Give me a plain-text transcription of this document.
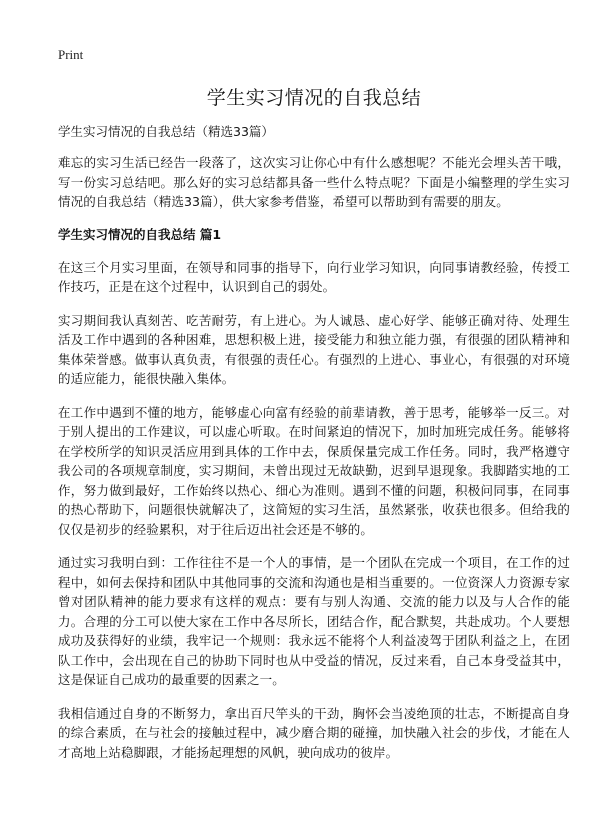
Print
学生实习情况的自我总结
学生实习情况的自我总结（精选33篇）

难忘的实习生活已经告一段落了，这次实习让你心中有什么感想呢？不能光会埋头苦干哦，写一份实习总结吧。那么好的实习总结都具备一些什么特点呢？下面是小编整理的学生实习情况的自我总结（精选33篇），供大家参考借鉴，希望可以帮助到有需要的朋友。

学生实习情况的自我总结 篇1

在这三个月实习里面，在领导和同事的指导下，向行业学习知识，向同事请教经验，传授工作技巧，正是在这个过程中，认识到自己的弱处。

实习期间我认真刻苦、吃苦耐劳，有上进心。为人诚恳、虚心好学、能够正确对待、处理生活及工作中遇到的各种困难，思想积极上进，接受能力和独立能力强，有很强的团队精神和集体荣誉感。做事认真负责，有很强的责任心。有强烈的上进心、事业心，有很强的对环境的适应能力，能很快融入集体。

在工作中遇到不懂的地方，能够虚心向富有经验的前辈请教，善于思考，能够举一反三。对于别人提出的工作建议，可以虚心听取。在时间紧迫的情况下，加时加班完成任务。能够将在学校所学的知识灵活应用到具体的工作中去，保质保量完成工作任务。同时，我严格遵守我公司的各项规章制度，实习期间，未曾出现过无故缺勤，迟到早退现象。我脚踏实地的工作，努力做到最好，工作始终以热心、细心为准则。遇到不懂的问题，积极问同事，在同事的热心帮助下，问题很快就解决了，这简短的实习生活，虽然紧张，收获也很多。但给我的仅仅是初步的经验累积，对于往后迈出社会还是不够的。

通过实习我明白到：工作往往不是一个人的事情，是一个团队在完成一个项目，在工作的过程中，如何去保持和团队中其他同事的交流和沟通也是相当重要的。一位资深人力资源专家曾对团队精神的能力要求有这样的观点：要有与别人沟通、交流的能力以及与人合作的能力。合理的分工可以使大家在工作中各尽所长，团结合作，配合默契，共赴成功。个人要想成功及获得好的业绩，我牢记一个规则：我永远不能将个人利益凌驾于团队利益之上，在团队工作中，会出现在自己的协助下同时也从中受益的情况，反过来看，自己本身受益其中，这是保证自己成功的最重要的因素之一。

我相信通过自身的不断努力，拿出百尺竿头的干劲，胸怀会当凌绝顶的壮志，不断提高自身的综合素质，在与社会的接触过程中，减少磨合期的碰撞，加快融入社会的步伐，才能在人才高地上站稳脚跟，才能扬起理想的风帆，驶向成功的彼岸。
